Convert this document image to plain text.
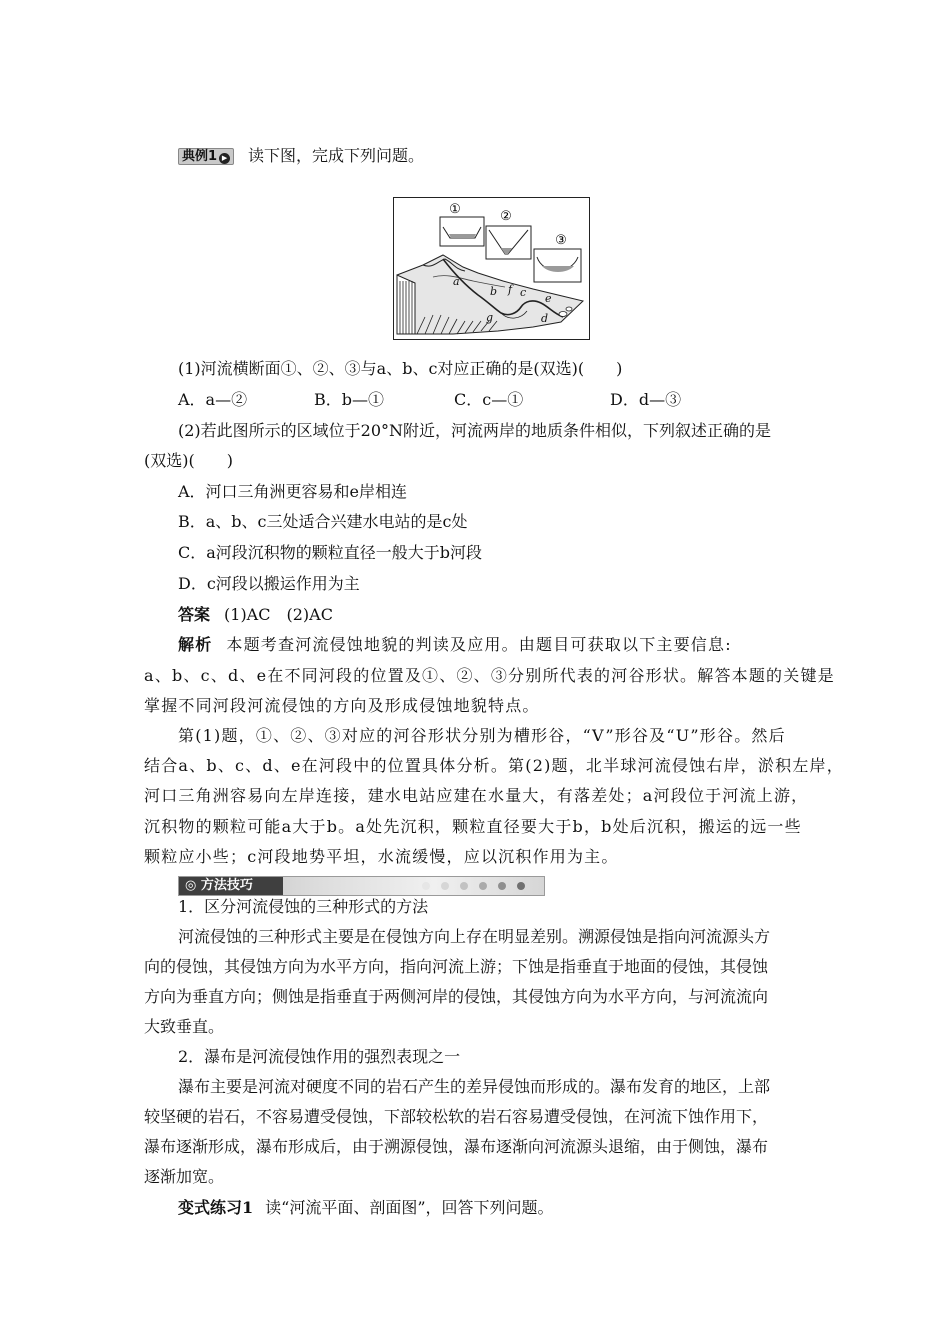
典例1 ▶ 读下图，完成下列问题。
①	②
③
a
b f c e
d
g
(1)河流横断面①、②、③与a、b、c对应正确的是(双选)(　　)
A．a—②	B．b—①	C．c—①	D．d—③
(2)若此图所示的区域位于20°N附近，河流两岸的地质条件相似，下列叙述正确的是
(双选)(　　)
A．河口三角洲更容易和e岸相连
B．a、b、c三处适合兴建水电站的是c处
C．a河段沉积物的颗粒直径一般大于b河段
D．c河段以搬运作用为主
答案 (1)AC　(2)AC
解析 本题考查河流侵蚀地貌的判读及应用。由题目可获取以下主要信息:
a、b、c、d、e在不同河段的位置及①、②、③分别所代表的河谷形状。解答本题的关键是
掌握不同河段河流侵蚀的方向及形成侵蚀地貌特点。
第(1)题，①、②、③对应的河谷形状分别为槽形谷，“V”形谷及“U”形谷。然后
结合a、b、c、d、e在河段中的位置具体分析。第(2)题，北半球河流侵蚀右岸，淤积左岸，
河口三角洲容易向左岸连接，建水电站应建在水量大，有落差处；a河段位于河流上游，
沉积物的颗粒可能a大于b。a处先沉积，颗粒直径要大于b，b处后沉积，搬运的远一些
颗粒应小些；c河段地势平坦，水流缓慢，应以沉积作用为主。
◎ 方法技巧
1．区分河流侵蚀的三种形式的方法
河流侵蚀的三种形式主要是在侵蚀方向上存在明显差别。溯源侵蚀是指向河流源头方
向的侵蚀，其侵蚀方向为水平方向，指向河流上游；下蚀是指垂直于地面的侵蚀，其侵蚀
方向为垂直方向；侧蚀是指垂直于两侧河岸的侵蚀，其侵蚀方向为水平方向，与河流流向
大致垂直。
2．瀑布是河流侵蚀作用的强烈表现之一
瀑布主要是河流对硬度不同的岩石产生的差异侵蚀而形成的。瀑布发育的地区，上部
较坚硬的岩石，不容易遭受侵蚀，下部较松软的岩石容易遭受侵蚀，在河流下蚀作用下，
瀑布逐渐形成，瀑布形成后，由于溯源侵蚀，瀑布逐渐向河流源头退缩，由于侧蚀，瀑布
逐渐加宽。
变式练习1 读“河流平面、剖面图”，回答下列问题。
